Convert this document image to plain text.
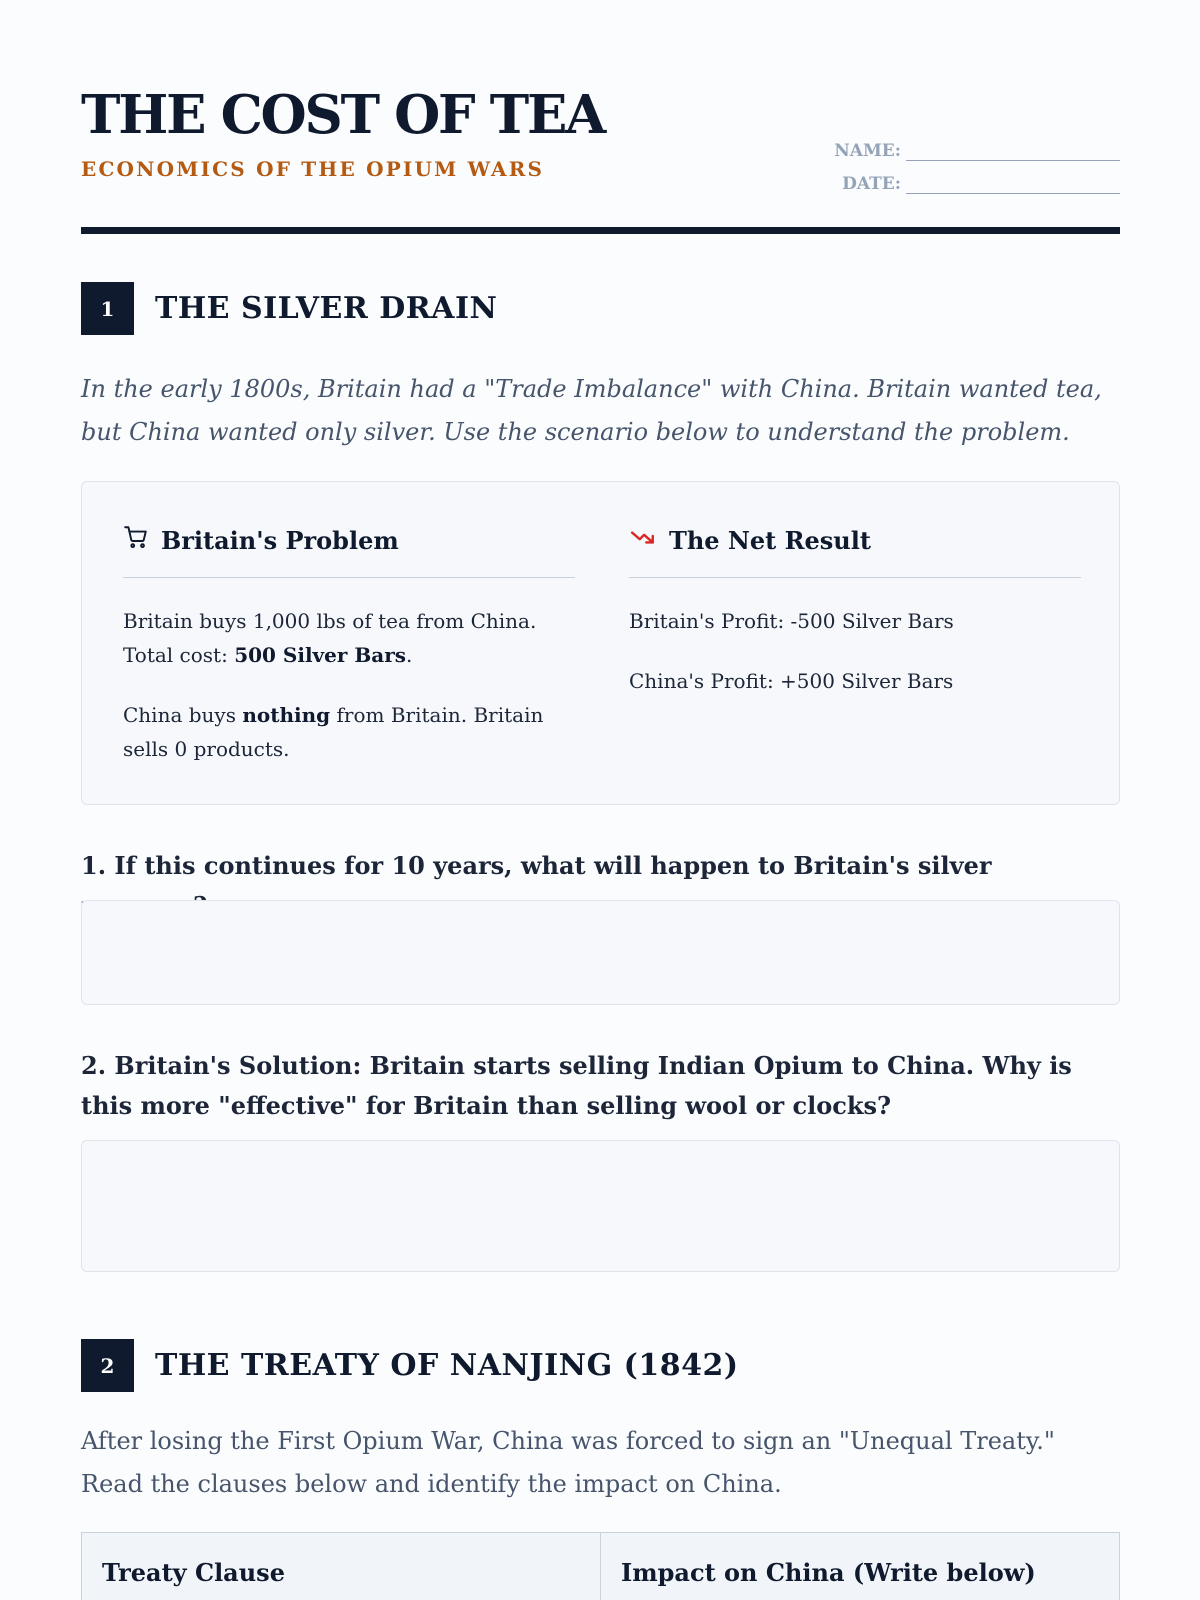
THE COST OF TEA
ECONOMICS OF THE OPIUM WARS
NAME:
DATE:
1	THE SILVER DRAIN

In the early 1800s, Britain had a "Trade Imbalance" with China. Britain wanted tea, but China wanted only silver. Use the scenario below to understand the problem.

Britain's Problem

Britain buys 1,000 lbs of tea from China. Total cost: 500 Silver Bars.

China buys nothing from Britain. Britain sells 0 products.

The Net Result

Britain's Profit: -500 Silver Bars

China's Profit: +500 Silver Bars

1. If this continues for 10 years, what will happen to Britain's silver
2. Britain's Solution: Britain starts selling Indian Opium to China. Why is this more "effective" for Britain than selling wool or clocks?
2	THE TREATY OF NANJING (1842)

After losing the First Opium War, China was forced to sign an "Unequal Treaty." Read the clauses below and identify the impact on China.

Treaty Clause	Impact on China (Write below)
